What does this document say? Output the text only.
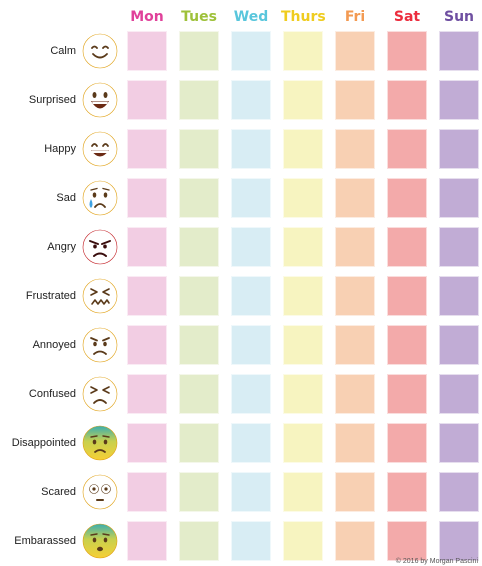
Mon	Tues	Wed Thurs	Fri	Sat	Sun
Calm
Surprised
Happy
Sad
Angry
Frustrated
Annoyed
Confused
Disappointed
Scared
Embarassed
© 2016 by Morgan Pascini
